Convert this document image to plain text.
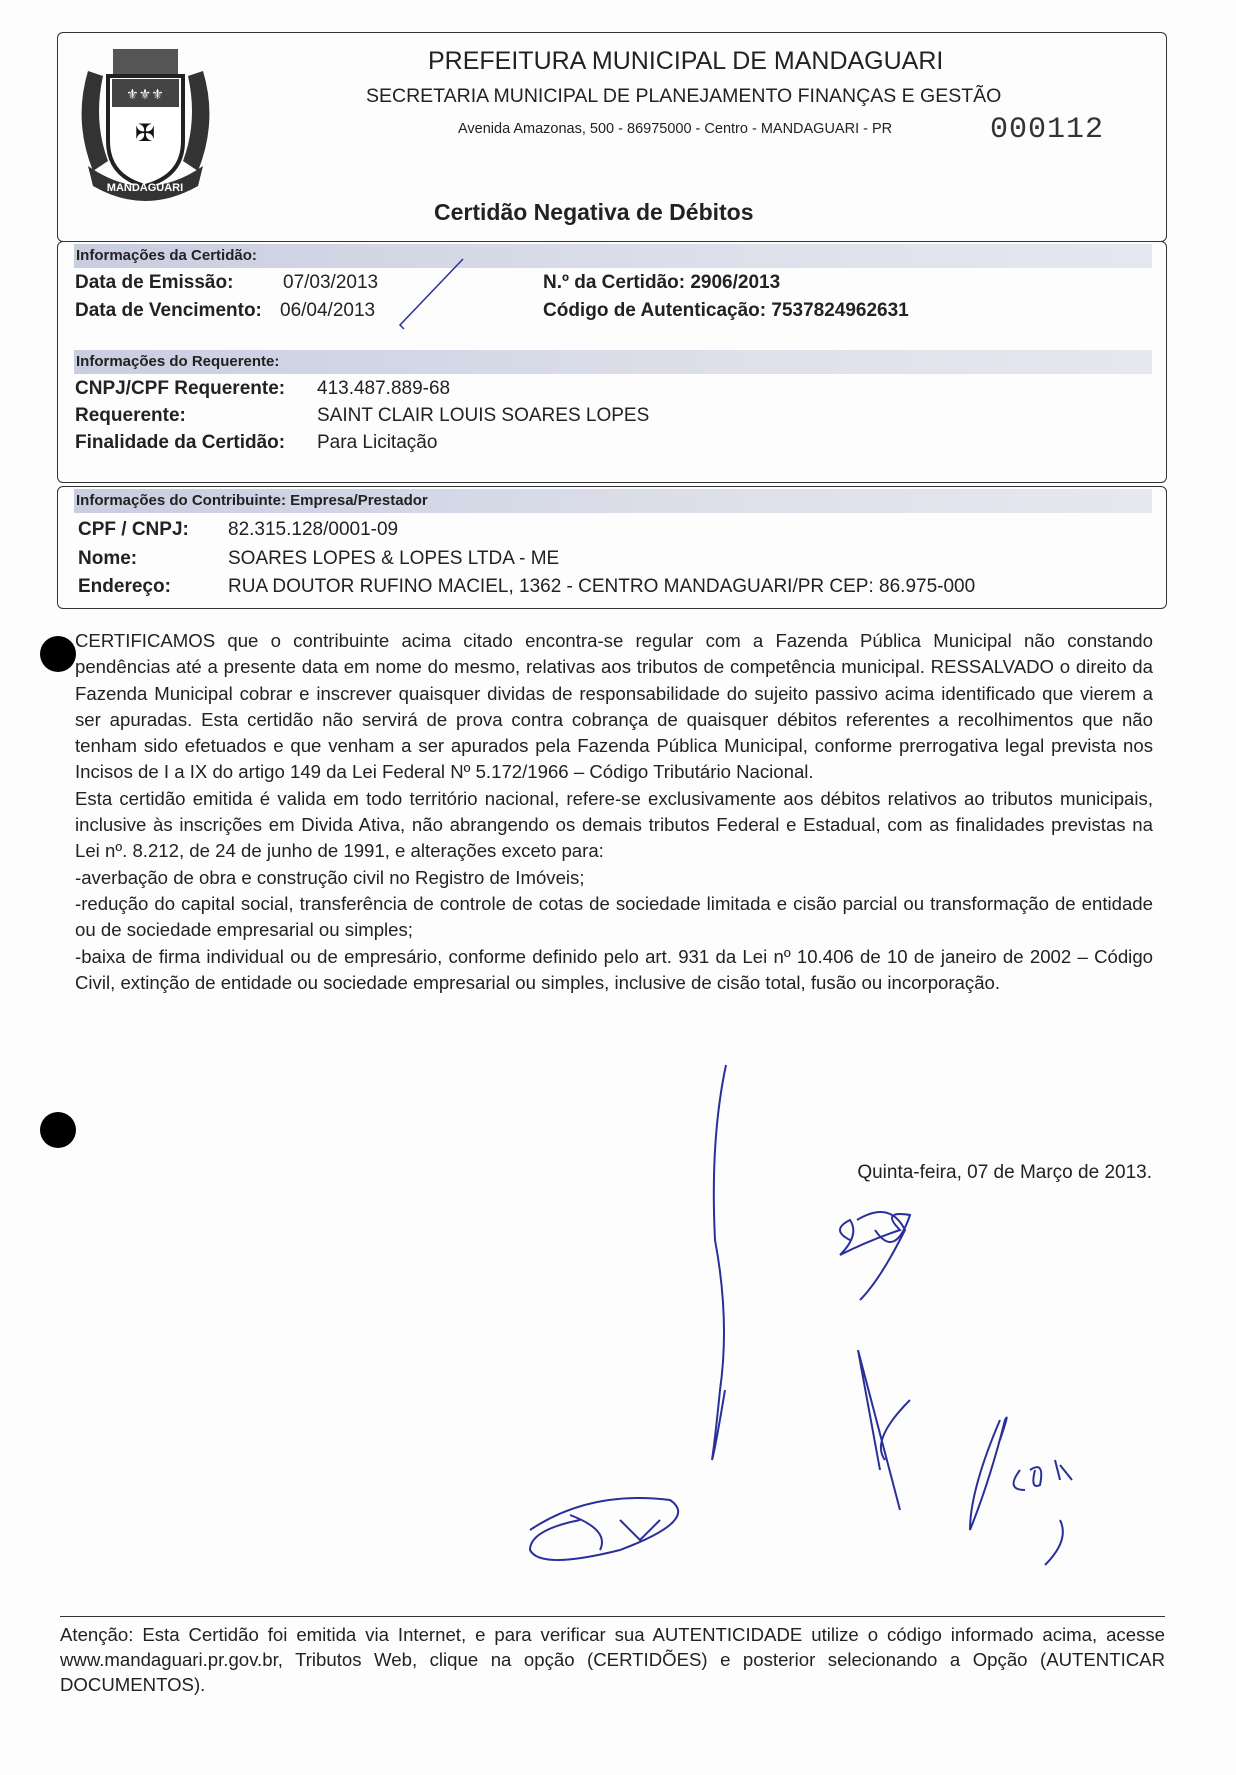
⚜⚜⚜
✠
MANDAGUARI
PREFEITURA MUNICIPAL DE MANDAGUARI
SECRETARIA MUNICIPAL DE PLANEJAMENTO FINANÇAS E GESTÃO
Avenida Amazonas, 500 - 86975000 - Centro - MANDAGUARI - PR	000112
Certidão Negativa de Débitos
Informações da Certidão:
Data de Emissão:	07/03/2013
Data de Vencimento: 06/04/2013
N.º da Certidão: 2906/2013
Código de Autenticação: 7537824962631
Informações do Requerente:
CNPJ/CPF Requerente: 413.487.889-68
Requerente:	SAINT CLAIR LOUIS SOARES LOPES
Finalidade da Certidão: Para Licitação
Informações do Contribuinte: Empresa/Prestador
CPF / CNPJ: 82.315.128/0001-09
Nome:	SOARES LOPES & LOPES LTDA - ME
Endereço:	RUA DOUTOR RUFINO MACIEL, 1362 - CENTRO MANDAGUARI/PR CEP: 86.975-000

CERTIFICAMOS que o contribuinte acima citado encontra-se regular com a Fazenda Pública Municipal não constando pendências até a presente data em nome do mesmo, relativas aos tributos de competência municipal. RESSALVADO o direito da Fazenda Municipal cobrar e inscrever quaisquer dividas de responsabilidade do sujeito passivo acima identificado que vierem a ser apuradas. Esta certidão não servirá de prova contra cobrança de quaisquer débitos referentes a recolhimentos que não tenham sido efetuados e que venham a ser apurados pela Fazenda Pública Municipal, conforme prerrogativa legal prevista nos Incisos de I a IX do artigo 149 da Lei Federal Nº 5.172/1966 – Código Tributário Nacional.

Esta certidão emitida é valida em todo território nacional, refere-se exclusivamente aos débitos relativos ao tributos municipais, inclusive às inscrições em Divida Ativa, não abrangendo os demais tributos Federal e Estadual, com as finalidades previstas na Lei nº. 8.212, de 24 de junho de 1991, e alterações exceto para:

-averbação de obra e construção civil no Registro de Imóveis;

-redução do capital social, transferência de controle de cotas de sociedade limitada e cisão parcial ou transformação de entidade ou de sociedade empresarial ou simples;

-baixa de firma individual ou de empresário, conforme definido pelo art. 931 da Lei nº 10.406 de 10 de janeiro de 2002 – Código Civil, extinção de entidade ou sociedade empresarial ou simples, inclusive de cisão total, fusão ou incorporação.

Quinta-feira, 07 de Março de 2013.
Atenção: Esta Certidão foi emitida via Internet, e para verificar sua AUTENTICIDADE utilize o código informado acima, acesse www.mandaguari.pr.gov.br, Tributos Web, clique na opção (CERTIDÕES) e posterior selecionando a Opção (AUTENTICAR DOCUMENTOS).
